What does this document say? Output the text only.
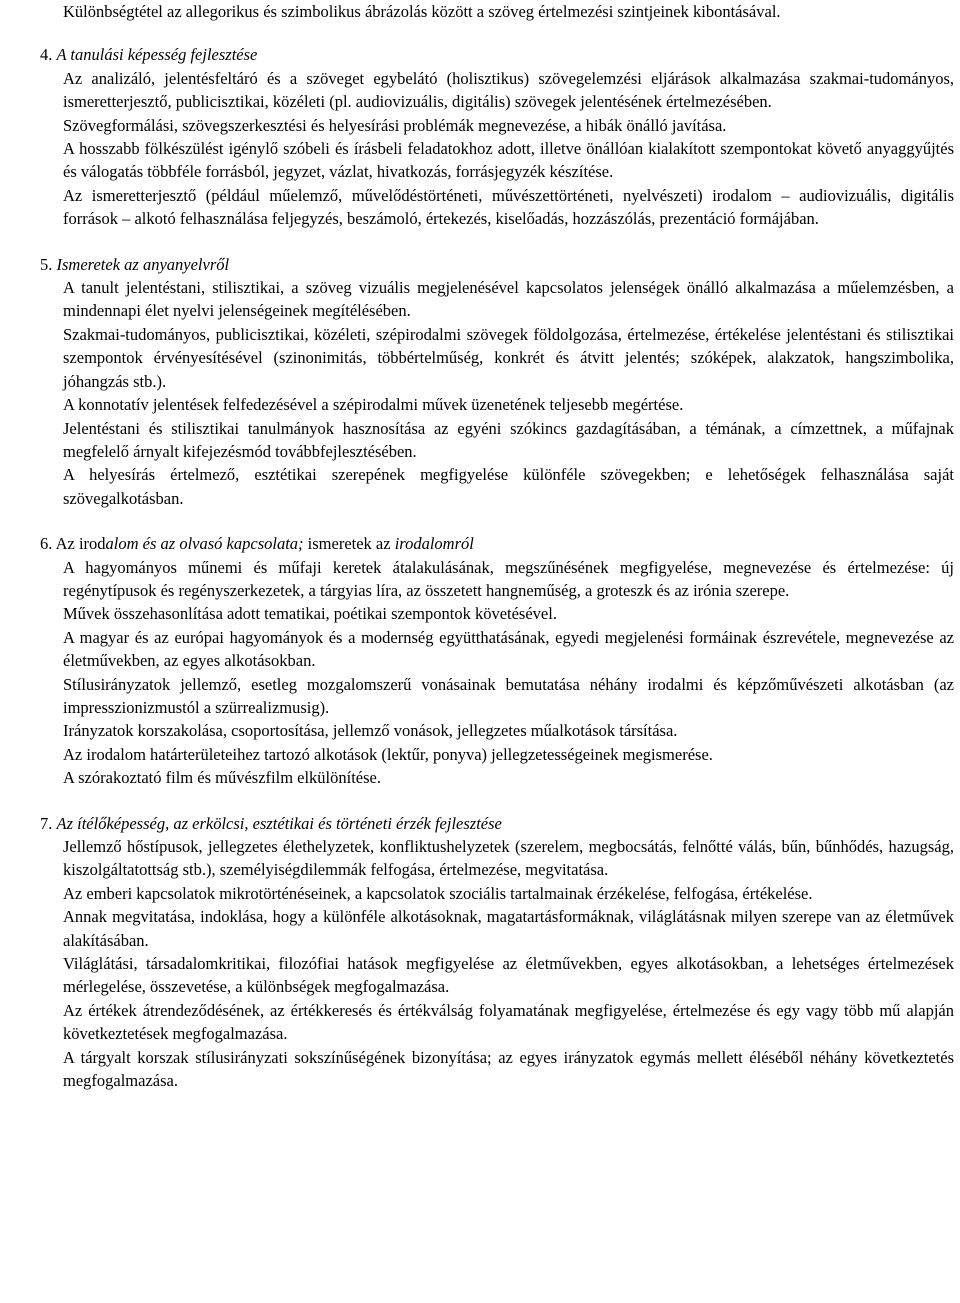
Különbségtétel az allegorikus és szimbolikus ábrázolás között a szöveg értelmezési szintjeinek kibontásával.

4. A tanulási képesség fejlesztése

Az analizáló, jelentésfeltáró és a szöveget egybelátó (holisztikus) szövegelemzési eljárások alkalmazása szakmai-tudományos, ismeretterjesztő, publicisztikai, közéleti (pl. audiovizuális, digitális) szövegek jelentésének értelmezésében.

Szövegformálási, szövegszerkesztési és helyesírási problémák megnevezése, a hibák önálló javítása.

A hosszabb fölkészülést igénylő szóbeli és írásbeli feladatokhoz adott, illetve önállóan kialakított szempontokat követő anyaggyűjtés és válogatás többféle forrásból, jegyzet, vázlat, hivatkozás, forrásjegyzék készítése.

Az ismeretterjesztő (például műelemző, művelődéstörténeti, művészettörténeti, nyelvészeti) irodalom – audiovizuális, digitális források – alkotó felhasználása feljegyzés, beszámoló, értekezés, kiselőadás, hozzászólás, prezentáció formájában.

5. Ismeretek az anyanyelvről

A tanult jelentéstani, stilisztikai, a szöveg vizuális megjelenésével kapcsolatos jelenségek önálló alkalmazása a műelemzésben, a mindennapi élet nyelvi jelenségeinek megítélésében.

Szakmai-tudományos, publicisztikai, közéleti, szépirodalmi szövegek földolgozása, értelmezése, értékelése jelentéstani és stilisztikai szempontok érvényesítésével (szinonimitás, többértelműség, konkrét és átvitt jelentés; szóképek, alakzatok, hangszimbolika, jóhangzás stb.).

A konnotatív jelentések felfedezésével a szépirodalmi művek üzenetének teljesebb megértése.

Jelentéstani és stilisztikai tanulmányok hasznosítása az egyéni szókincs gazdagításában, a témának, a címzettnek, a műfajnak megfelelő árnyalt kifejezésmód továbbfejlesztésében.

A helyesírás értelmező, esztétikai szerepének megfigyelése különféle szövegekben; e lehetőségek felhasználása saját szövegalkotásban.

6. Az irodalom és az olvasó kapcsolata; ismeretek az irodalomról

A hagyományos műnemi és műfaji keretek átalakulásának, megszűnésének megfigyelése, megnevezése és értelmezése: új regénytípusok és regényszerkezetek, a tárgyias líra, az összetett hangneműség, a groteszk és az irónia szerepe.

Művek összehasonlítása adott tematikai, poétikai szempontok követésével.

A magyar és az európai hagyományok és a modernség együtthatásának, egyedi megjelenési formáinak észrevétele, megnevezése az életművekben, az egyes alkotásokban.

Stílusirányzatok jellemző, esetleg mozgalomszerű vonásainak bemutatása néhány irodalmi és képzőművészeti alkotásban (az impresszionizmustól a szürrealizmusig).

Irányzatok korszakolása, csoportosítása, jellemző vonások, jellegzetes műalkotások társítása.

Az irodalom határterületeihez tartozó alkotások (lektűr, ponyva) jellegzetességeinek megismerése.

A szórakoztató film és művészfilm elkülönítése.

7. Az ítélőképesség, az erkölcsi, esztétikai és történeti érzék fejlesztése

Jellemző hőstípusok, jellegzetes élethelyzetek, konfliktushelyzetek (szerelem, megbocsátás, felnőtté válás, bűn, bűnhődés, hazugság, kiszolgáltatottság stb.), személyiségdilemmák felfogása, értelmezése, megvitatása.

Az emberi kapcsolatok mikrotörténéseinek, a kapcsolatok szociális tartalmainak érzékelése, felfogása, értékelése.

Annak megvitatása, indoklása, hogy a különféle alkotásoknak, magatartásformáknak, világlátásnak milyen szerepe van az életművek alakításában.

Világlátási, társadalomkritikai, filozófiai hatások megfigyelése az életművekben, egyes alkotásokban, a lehetséges értelmezések mérlegelése, összevetése, a különbségek megfogalmazása.

Az értékek átrendeződésének, az értékkeresés és értékválság folyamatának megfigyelése, értelmezése és egy vagy több mű alapján következtetések megfogalmazása.

A tárgyalt korszak stílusirányzati sokszínűségének bizonyítása; az egyes irányzatok egymás mellett éléséből néhány következtetés megfogalmazása.
